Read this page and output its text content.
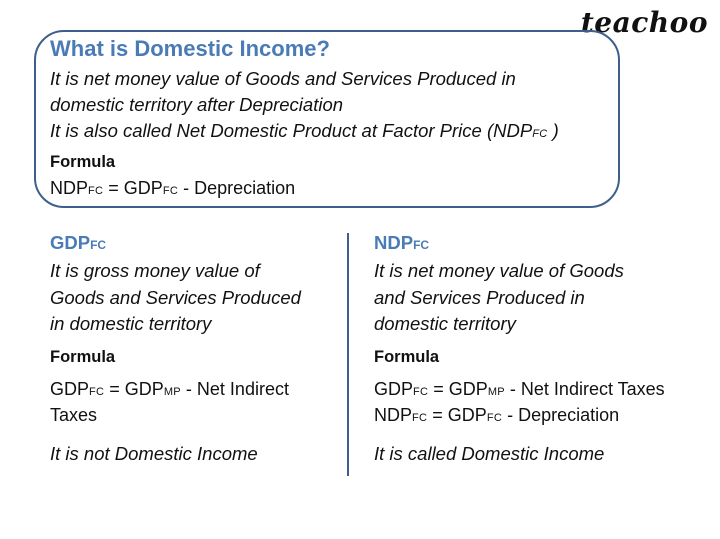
teachoo
What is Domestic Income?
It is net money value of Goods and Services Produced in
domestic territory after Depreciation
It is also called Net Domestic Product at Factor Price (NDPFC )
Formula
NDPFC = GDPFC - Depreciation
GDPFC
It is gross money value of
Goods and Services Produced
in domestic territory
Formula
GDPFC = GDPMP - Net Indirect
Taxes
It is not Domestic Income
NDPFC
It is net money value of Goods
and Services Produced in
domestic territory
Formula
GDPFC = GDPMP - Net Indirect Taxes
NDPFC = GDPFC - Depreciation
It is called Domestic Income
